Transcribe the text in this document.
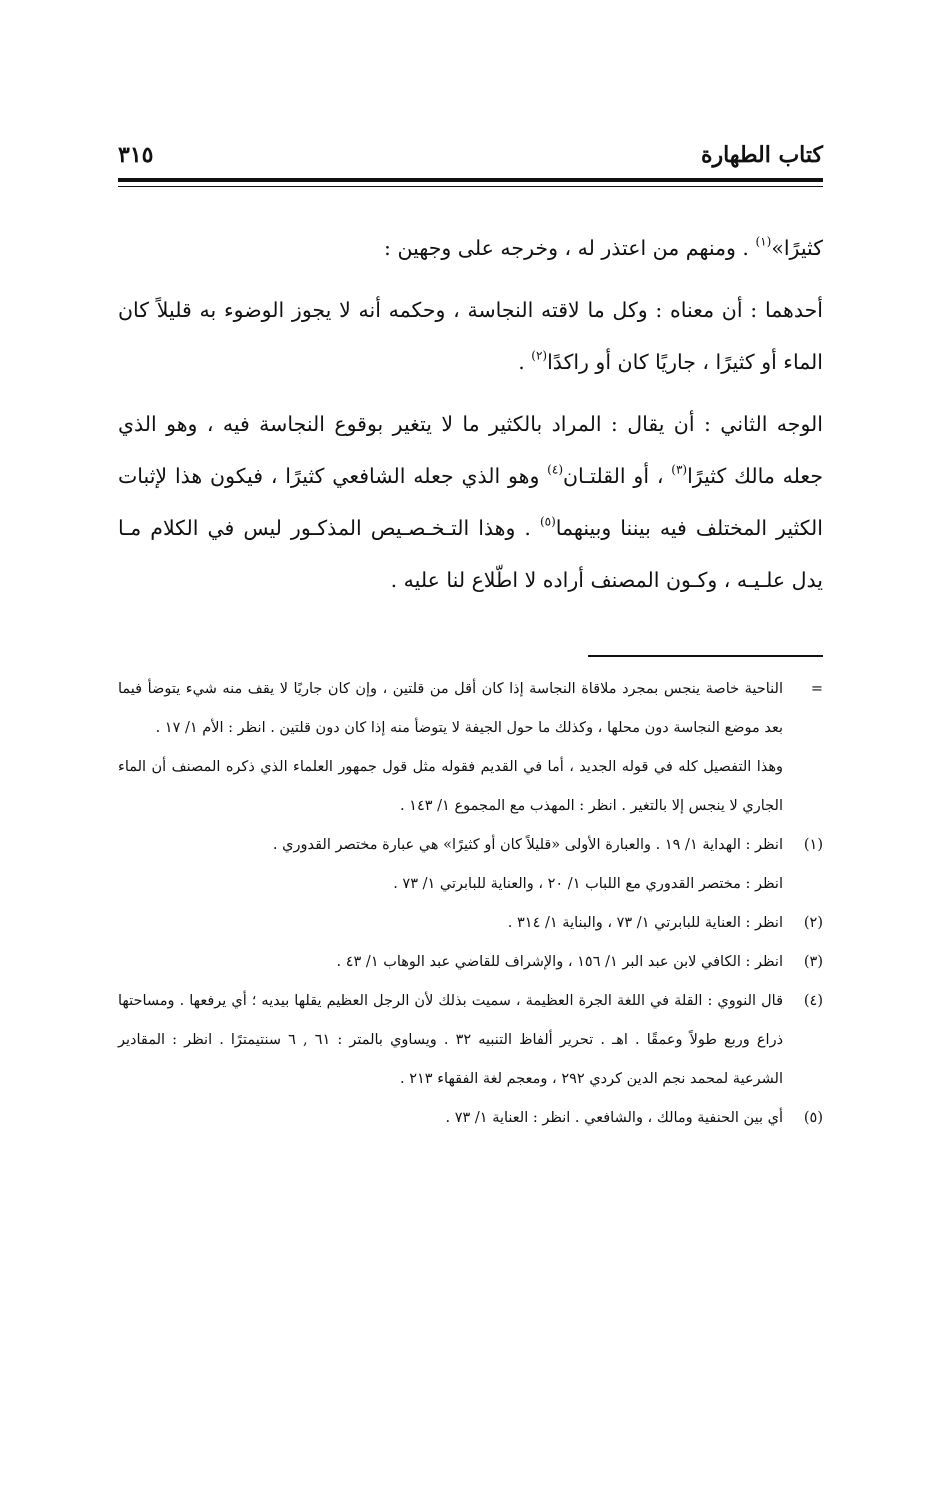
كتاب الطهارة
٣١٥

كثيرًا»$^{(١)}$ . ومنهم من اعتذر له ، وخرجه على وجهين :

أحدهما : أن معناه : وكل ما لاقته النجاسة ، وحكمه أنه لا يجوز الوضوء به قليلاً كان الماء أو كثيرًا ، جاريًا كان أو راكدًا$^{(٢)}$ .

الوجه الثاني : أن يقال : المراد بالكثير ما لا يتغير بوقوع النجاسة فيه ، وهو الذي جعله مالك كثيرًا$^{(٣)}$ ، أو القلتـان$^{(٤)}$ وهو الذي جعله الشافعي كثيرًا ، فيكون هذا لإثبات الكثير المختلف فيه بيننا وبينهما$^{(٥)}$ . وهذا التـخـصـيص المذكـور ليس في الكلام مـا يدل علـيـه ، وكـون المصنف أراده لا اطّلاع لنا عليه .

=

الناحية خاصة ينجس بمجرد ملاقاة النجاسة إذا كان أقل من قلتين ، وإن كان جاريًا لا يقف منه شيء يتوضأ فيما بعد موضع النجاسة دون محلها ، وكذلك ما حول الجيفة لا يتوضأ منه إذا كان دون قلتين . انظر : الأم ١/ ١٧ .

وهذا التفصيل كله في قوله الجديد ، أما في القديم فقوله مثل قول جمهور العلماء الذي ذكره المصنف أن الماء الجاري لا ينجس إلا بالتغير . انظر : المهذب مع المجموع ١/ ١٤٣ .

(١)

انظر : الهداية ١/ ١٩ . والعبارة الأولى «قليلاً كان أو كثيرًا» هي عبارة مختصر القدوري .

انظر : مختصر القدوري مع اللباب ١/ ٢٠ ، والعناية للبابرتي ١/ ٧٣ .

(٢)

انظر : العناية للبابرتي ١/ ٧٣ ، والبناية ١/ ٣١٤ .

(٣)

انظر : الكافي لابن عبد البر ١/ ١٥٦ ، والإشراف للقاضي عبد الوهاب ١/ ٤٣ .

(٤)

قال النووي : القلة في اللغة الجرة العظيمة ، سميت بذلك لأن الرجل العظيم يقلها بيديه ؛ أي يرفعها . ومساحتها ذراع وربع طولاً وعمقًا . اهـ . تحرير ألفاظ التنبيه ٣٢ . ويساوي بالمتر : ٦١ , ٦ سنتيمترًا . انظر : المقادير الشرعية لمحمد نجم الدين كردي ٢٩٢ ، ومعجم لغة الفقهاء ٢١٣ .

(٥)

أي بين الحنفية ومالك ، والشافعي . انظر : العناية ١/ ٧٣ .
